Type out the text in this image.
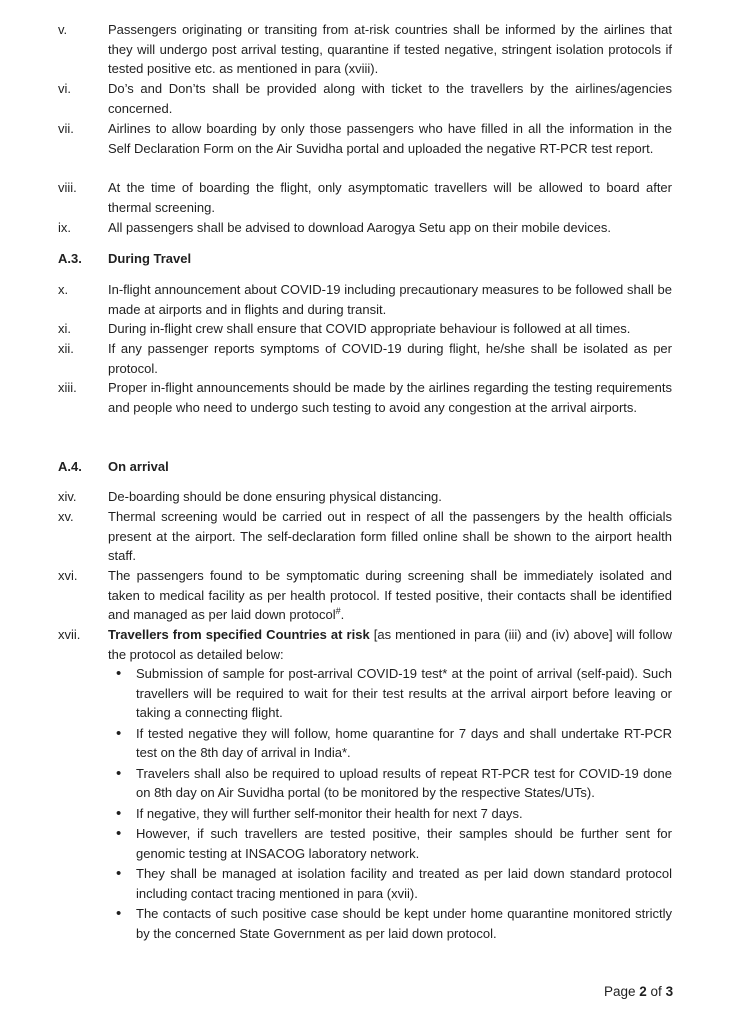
v.	Passengers originating or transiting from at-risk countries shall be informed by the airlines that they will undergo post arrival testing, quarantine if tested negative, stringent isolation protocols if tested positive etc. as mentioned in para (xviii).
vi.	Do’s and Don’ts shall be provided along with ticket to the travellers by the airlines/agencies concerned.
vii.	Airlines to allow boarding by only those passengers who have filled in all the information in the Self Declaration Form on the Air Suvidha portal and uploaded the negative RT-PCR test report.
viii. At the time of boarding the flight, only asymptomatic travellers will be allowed to board after thermal screening.
ix.	All passengers shall be advised to download Aarogya Setu app on their mobile devices.
A.3. During Travel
x.	In-flight announcement about COVID-19 including precautionary measures to be followed shall be made at airports and in flights and during transit.
xi.	During in-flight crew shall ensure that COVID appropriate behaviour is followed at all times.
xii.	If any passenger reports symptoms of COVID-19 during flight, he/she shall be isolated as per protocol.
xiii. Proper in-flight announcements should be made by the airlines regarding the testing requirements and people who need to undergo such testing to avoid any congestion at the arrival airports.
A.4. On arrival
xiv. De-boarding should be done ensuring physical distancing.
xv.	Thermal screening would be carried out in respect of all the passengers by the health officials present at the airport. The self-declaration form filled online shall be shown to the airport health staff.
xvi. The passengers found to be symptomatic during screening shall be immediately isolated and taken to medical facility as per health protocol. If tested positive, their contacts shall be identified and managed as per laid down protocol#.
xvii. Travellers from specified Countries at risk [as mentioned in para (iii) and (iv) above] will follow the protocol as detailed below:
• Submission of sample for post-arrival COVID-19 test* at the point of arrival (self-paid). Such travellers will be required to wait for their test results at the arrival airport before leaving or taking a connecting flight.
• If tested negative they will follow, home quarantine for 7 days and shall undertake RT-PCR test on the 8th day of arrival in India*.
• Travelers shall also be required to upload results of repeat RT-PCR test for COVID-19 done on 8th day on Air Suvidha portal (to be monitored by the respective States/UTs).
• If negative, they will further self-monitor their health for next 7 days.
• However, if such travellers are tested positive, their samples should be further sent for genomic testing at INSACOG laboratory network.
• They shall be managed at isolation facility and treated as per laid down standard protocol including contact tracing mentioned in para (xvii).
• The contacts of such positive case should be kept under home quarantine monitored strictly by the concerned State Government as per laid down protocol.
Page 2 of 3
